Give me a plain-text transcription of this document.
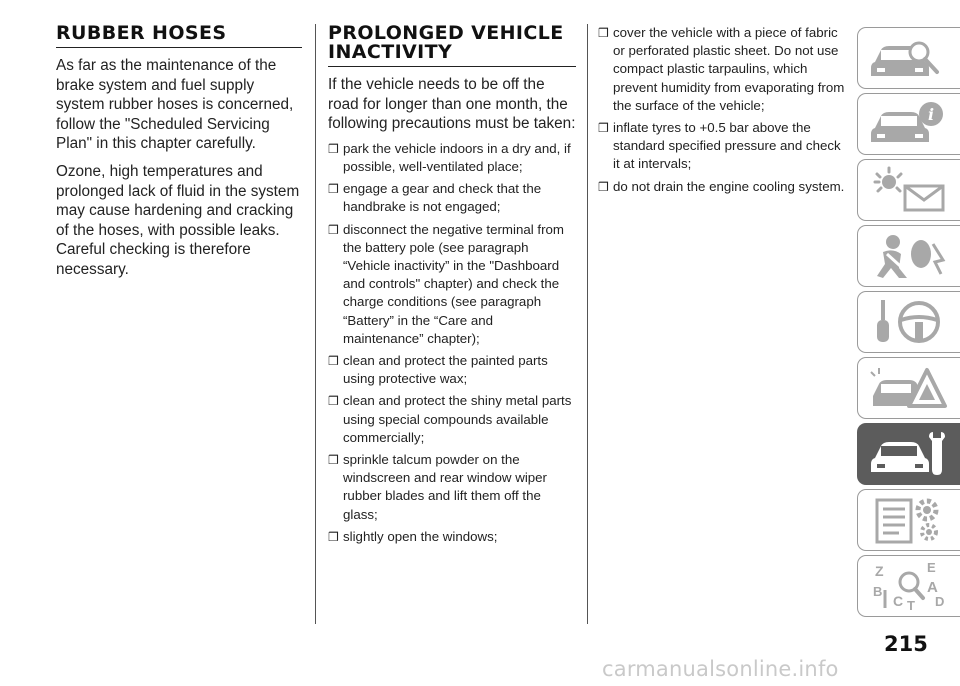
RUBBER HOSES

As far as the maintenance of the brake system and fuel supply system rubber hoses is concerned, follow the "Scheduled Servicing Plan" in this chapter carefully.

Ozone, high temperatures and prolonged lack of fluid in the system may cause hardening and cracking of the hoses, with possible leaks. Careful checking is therefore necessary.

PROLONGED VEHICLE INACTIVITY

If the vehicle needs to be off the road for longer than one month, the following precautions must be taken:

❒ park the vehicle indoors in a dry and, if possible, well-ventilated place;
❒ engage a gear and check that the handbrake is not engaged;
❒ disconnect the negative terminal from the battery pole (see paragraph “Vehicle inactivity” in the "Dashboard and controls" chapter) and check the charge conditions (see paragraph “Battery” in the “Care and maintenance” chapter);
❒ clean and protect the painted parts using protective wax;
❒ clean and protect the shiny metal parts using special compounds available commercially;
❒ sprinkle talcum powder on the windscreen and rear window wiper rubber blades and lift them off the glass;
❒ slightly open the windows;
❒ cover the vehicle with a piece of fabric or perforated plastic sheet. Do not use compact plastic tarpaulins, which prevent humidity from evaporating from the surface of the vehicle;
❒ inflate tyres to +0.5 bar above the standard specified pressure and check it at intervals;
❒ do not drain the engine cooling system.
i
Z	E
B	A
C D
T
215
carmanualsonline.info
